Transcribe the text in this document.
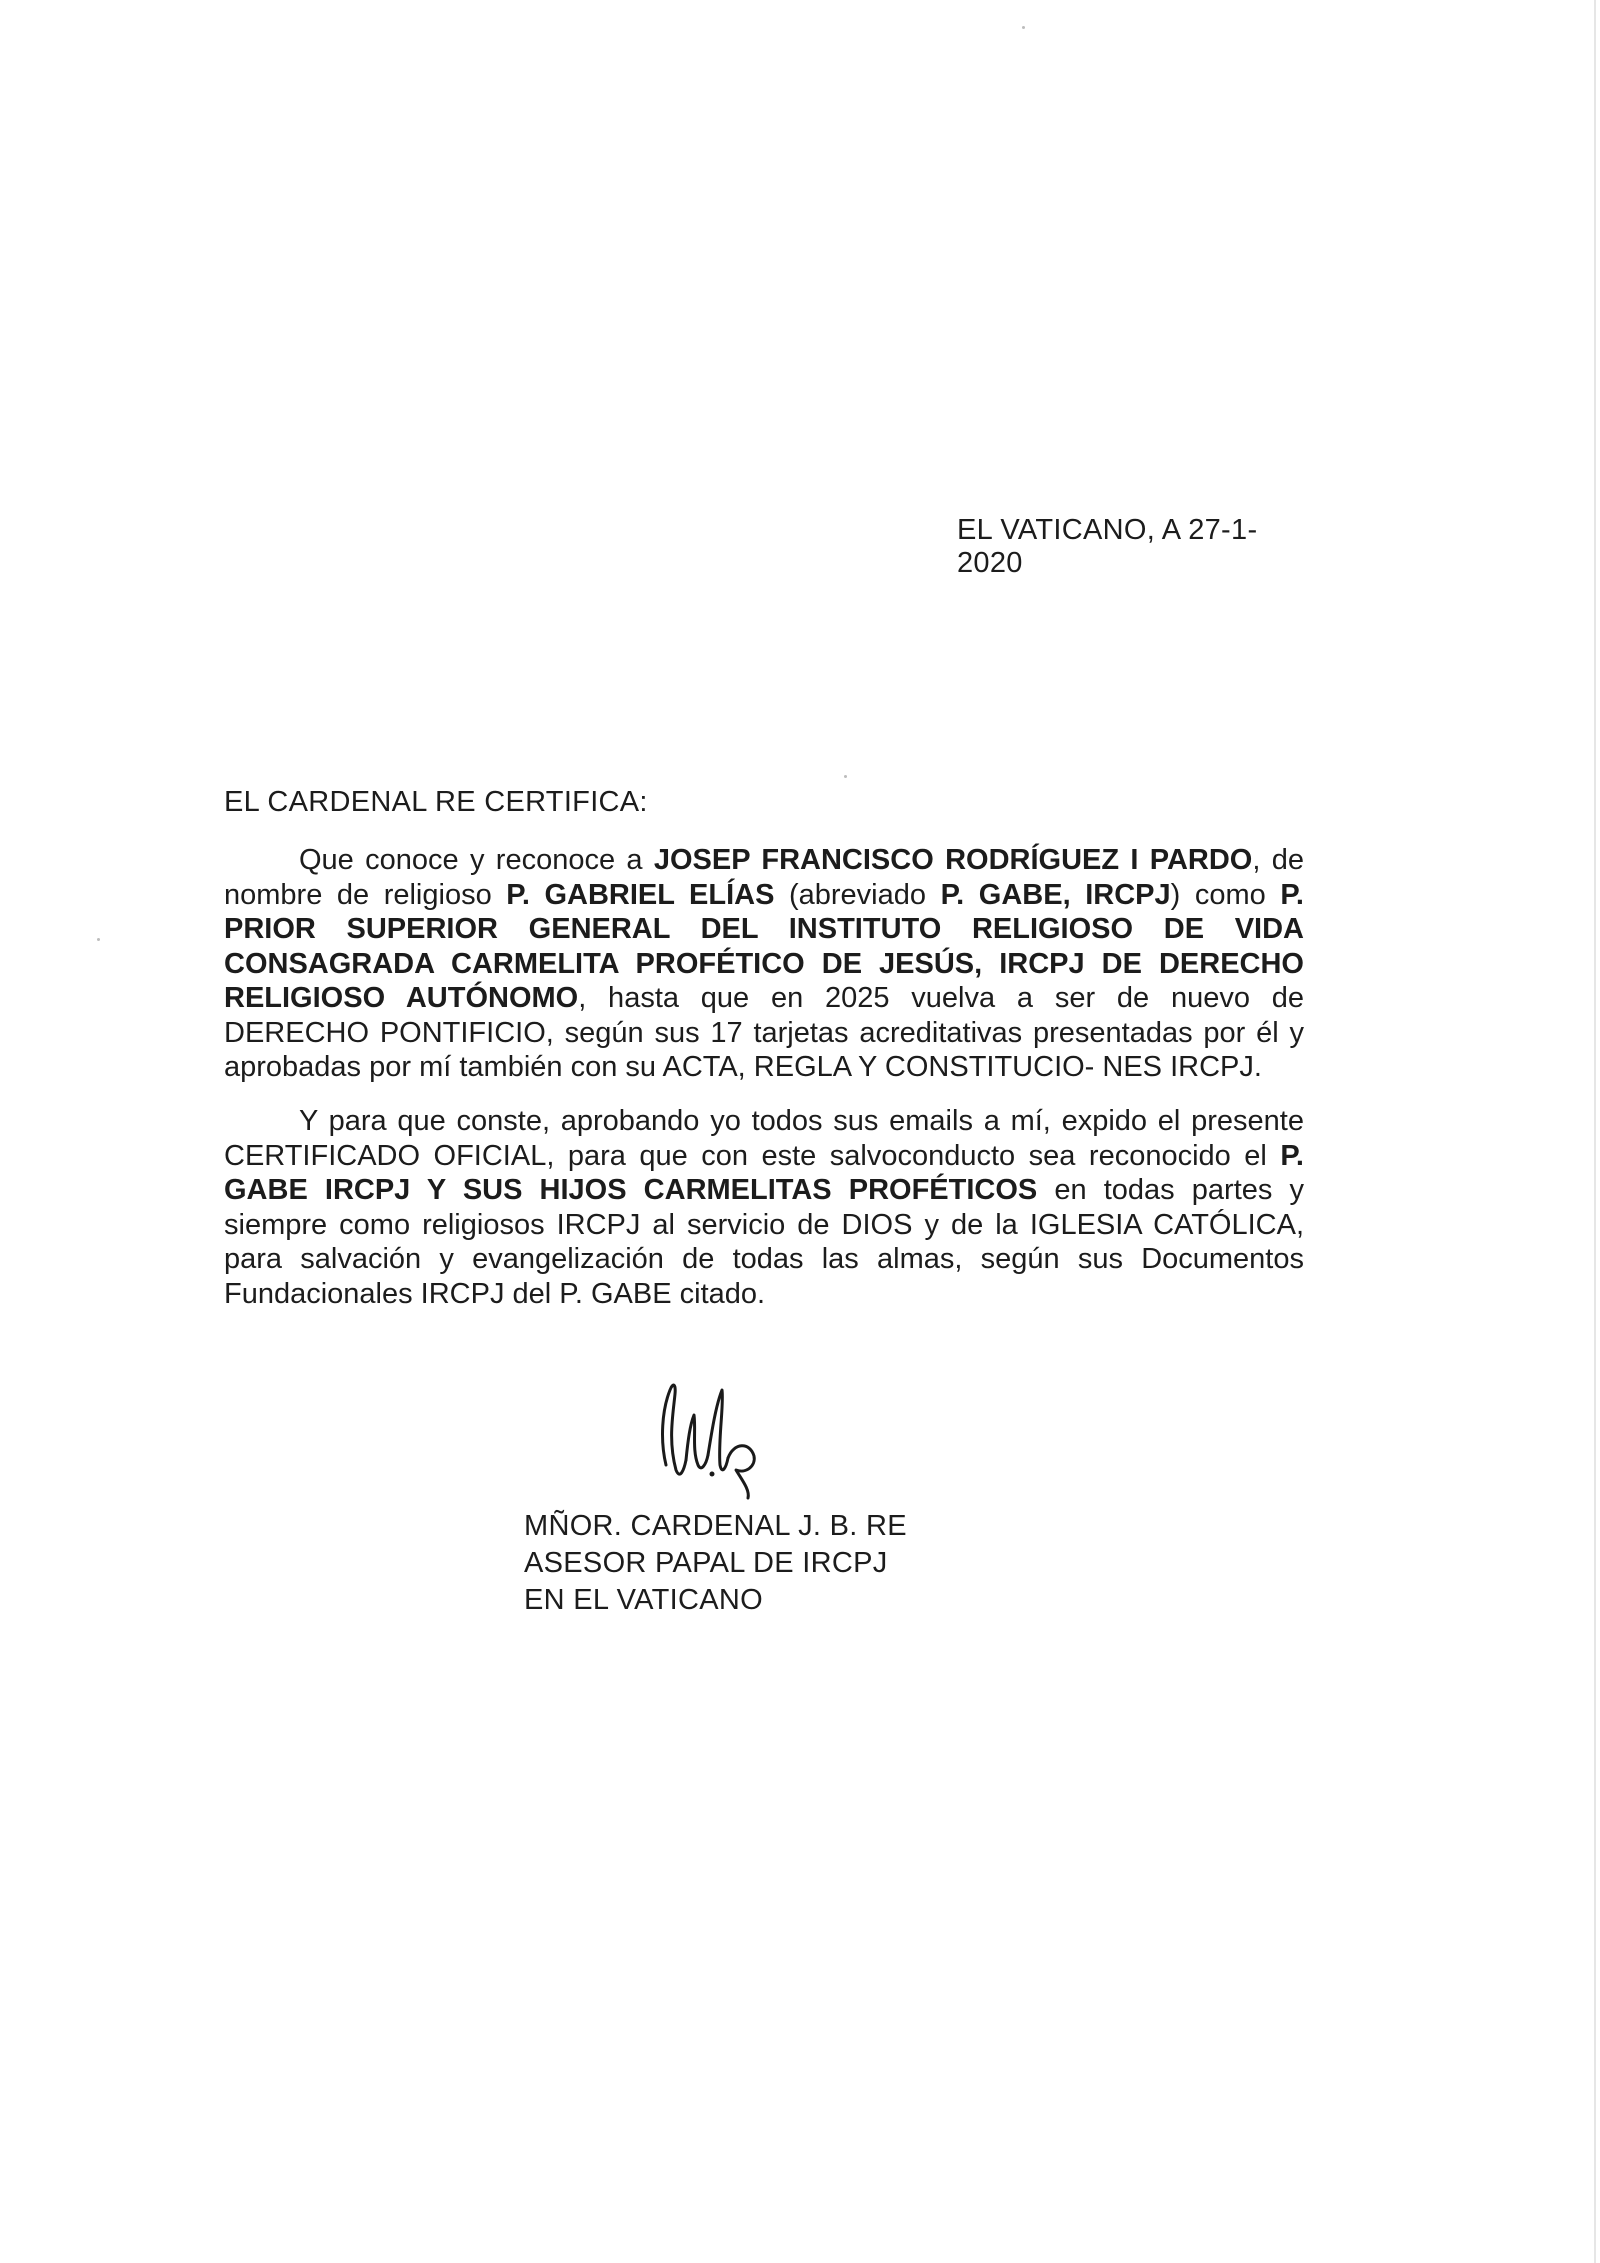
EL VATICANO, A 27-1-2020
EL CARDENAL RE CERTIFICA:

Que conoce y reconoce a JOSEP FRANCISCO RODRÍGUEZ I PARDO, de nombre de religioso P. GABRIEL ELÍAS (abreviado P. GABE, IRCPJ) como P. PRIOR SUPERIOR GENERAL DEL INSTITUTO RELIGIOSO DE VIDA CONSAGRADA CARMELITA PROFÉTICO DE JESÚS, IRCPJ DE DERECHO RELIGIOSO AUTÓNOMO, hasta que en 2025 vuelva a ser de nuevo de DERECHO PONTIFICIO, según sus 17 tarjetas acreditativas presentadas por él y aprobadas por mí también con su ACTA, REGLA Y CONSTITUCIO- NES IRCPJ.

Y para que conste, aprobando yo todos sus emails a mí, expido el presente CERTIFICADO OFICIAL, para que con este salvoconducto sea reconocido el P. GABE IRCPJ Y SUS HIJOS CARMELITAS PROFÉTICOS en todas partes y siempre como religiosos IRCPJ al servicio de DIOS y de la IGLESIA CATÓLICA, para salvación y evangelización de todas las almas, según sus Documentos Fundacionales IRCPJ del P. GABE citado.

MÑOR. CARDENAL J. B. RE
ASESOR PAPAL DE IRCPJ
EN EL VATICANO
